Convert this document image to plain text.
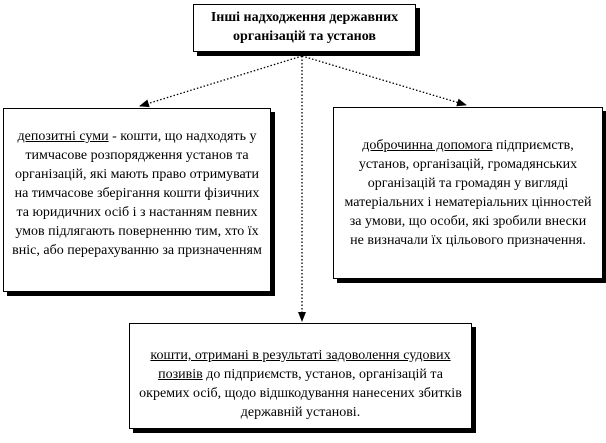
Інші надходження державних
організацій та установ
депозитні суми - кошти, що надходять у тимчасове розпорядження установ та організацій, які мають право отримувати на тимчасове зберігання кошти фізичних та юридичних осіб і з настанням певних умов підлягають поверненню тим, хто їх вніс, або перерахуванню за призначенням
доброчинна допомога підприємств, установ, організацій, громадянських організацій та громадян у вигляді матеріальних і нематеріальних цінностей за умови, що особи, які зробили внески не визначали їх цільового призначення.
кошти, отримані в результаті задоволення судових позивів до підприємств, установ, організацій та окремих осіб, щодо відшкодування нанесених збитків державній установі.
